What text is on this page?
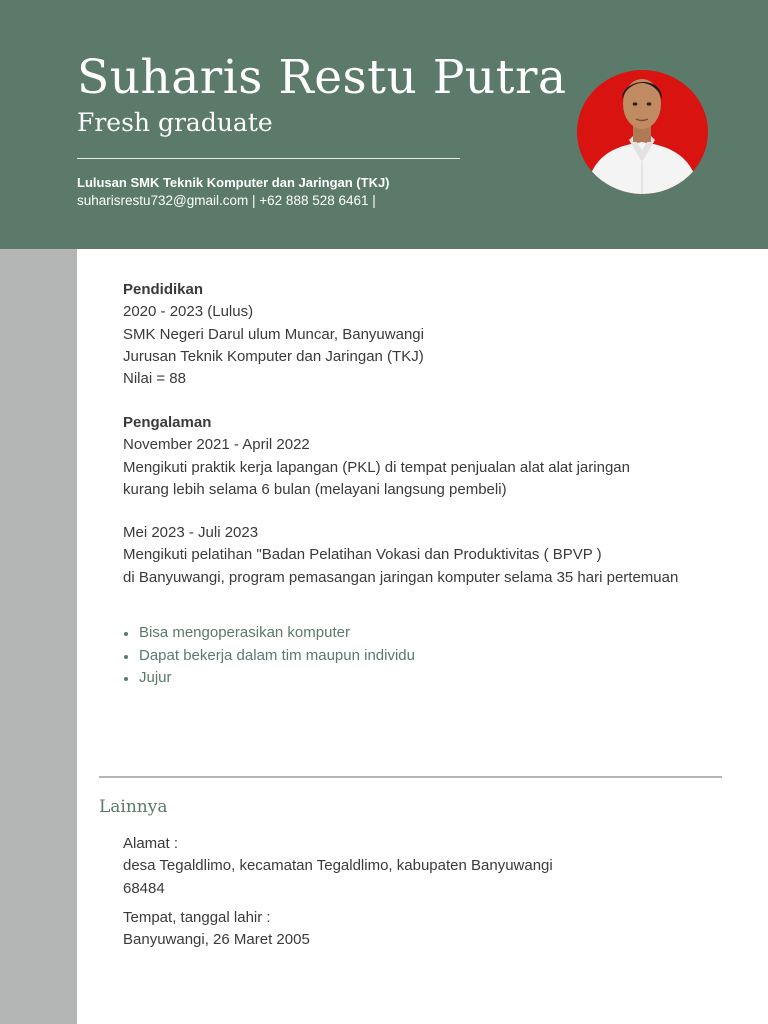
Suharis Restu Putra
Fresh graduate
Lulusan SMK Teknik Komputer dan Jaringan (TKJ)
suharisrestu732@gmail.com | +62 888 528 6461 |
Pendidikan
2020 - 2023 (Lulus)
SMK Negeri Darul ulum Muncar, Banyuwangi
Jurusan Teknik Komputer dan Jaringan (TKJ)
Nilai = 88
Pengalaman
November 2021 - April 2022
Mengikuti praktik kerja lapangan (PKL) di tempat penjualan alat alat jaringan
kurang lebih selama 6 bulan (melayani langsung pembeli)
Mei 2023 - Juli 2023
Mengikuti pelatihan "Badan Pelatihan Vokasi dan Produktivitas ( BPVP )
di Banyuwangi, program pemasangan jaringan komputer selama 35 hari pertemuan
Bisa mengoperasikan komputer
Dapat bekerja dalam tim maupun individu
Jujur
Lainnya
Alamat :
desa Tegaldlimo, kecamatan Tegaldlimo, kabupaten Banyuwangi
68484
Tempat, tanggal lahir :
Banyuwangi, 26 Maret 2005
